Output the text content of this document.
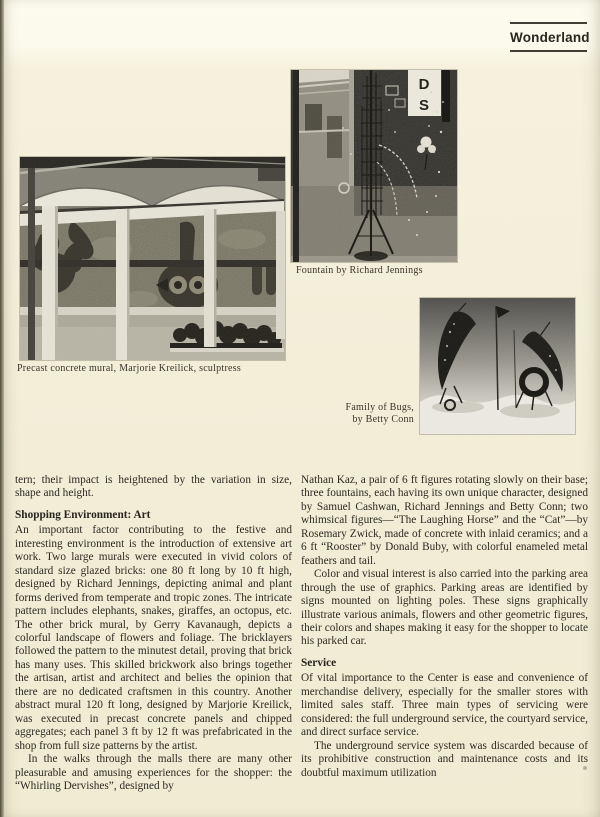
Wonderland
D
S
Precast concrete mural, Marjorie Kreilick, sculptress
Fountain by Richard Jennings
Family of Bugs,
by Betty Conn

tern; their impact is heightened by the variation in size, shape and height.

Shopping Environment: Art

An important factor contributing to the festive and interesting environment is the introduction of extensive art work. Two large murals were executed in vivid colors of standard size glazed bricks: one 80 ft long by 10 ft high, designed by Richard Jennings, depicting animal and plant forms derived from temperate and tropic zones. The intricate pattern includes elephants, snakes, giraffes, an octopus, etc. The other brick mural, by Gerry Kavanaugh, depicts a colorful landscape of flowers and foliage. The bricklayers followed the pattern to the minutest detail, proving that brick has many uses. This skilled brickwork also brings together the artisan, artist and architect and belies the opinion that there are no dedicated craftsmen in this country. Another abstract mural 120 ft long, designed by Marjorie Kreilick, was executed in precast concrete panels and chipped aggregates; each panel 3 ft by 12 ft was prefabricated in the shop from full size patterns by the artist.

In the walks through the malls there are many other pleasurable and amusing experiences for the shopper: the “Whirling Dervishes”, designed by

Nathan Kaz, a pair of 6 ft figures rotating slowly on their base; three fountains, each having its own unique character, designed by Samuel Cashwan, Richard Jennings and Betty Conn; two whimsical figures—“The Laughing Horse” and the “Cat”—by Rosemary Zwick, made of concrete with inlaid ceramics; and a 6 ft “Rooster” by Donald Buby, with colorful enameled metal feathers and tail.

Color and visual interest is also carried into the parking area through the use of graphics. Parking areas are identified by signs mounted on lighting poles. These signs graphically illustrate various animals, flowers and other geometric figures, their colors and shapes making it easy for the shopper to locate his parked car.

Service

Of vital importance to the Center is ease and convenience of merchandise delivery, especially for the smaller stores with limited sales staff. Three main types of servicing were considered: the full underground service, the courtyard service, and direct surface service.

The underground service system was discarded because of its prohibitive construction and maintenance costs and its doubtful maximum utilization
